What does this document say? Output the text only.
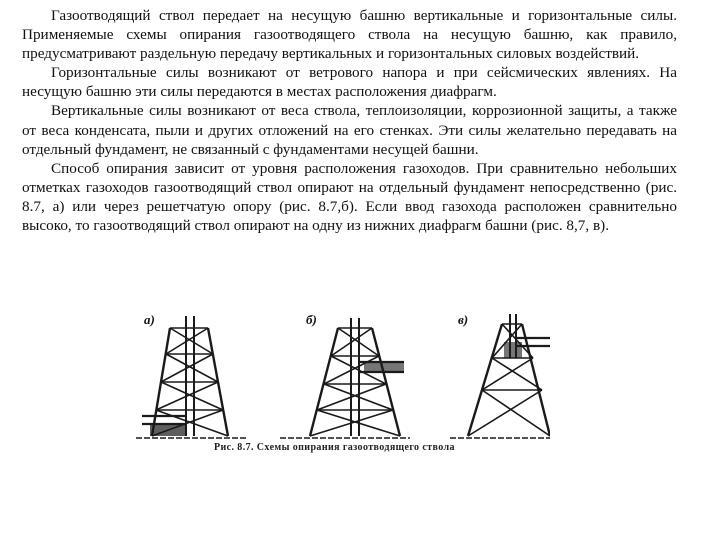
Газоотводящий ствол передает на несущую башню вертикальные и горизонтальные силы. Применяемые схемы опирания газоотводящего ствола на несущую башню, как правило, предусматривают раздельную передачу вертикальных и горизонтальных силовых воздействий.

Горизонтальные силы возникают от ветрового напора и при сейсмических явлениях. На несущую башню эти силы передаются в местах расположения диафрагм.

Вертикальные силы возникают от веса ствола, теплоизоляции, коррозионной защиты, а также от веса конденсата, пыли и других отложений на его стенках. Эти силы желательно передавать на отдельный фундамент, не связанный с фундаментами несущей башни.

Способ опирания зависит от уровня расположения газоходов. При сравнительно небольших отметках газоходов газоотводящий ствол опирают на отдельный фундамент непосредственно (рис. 8.7, а) или через решетчатую опору (рис. 8.7,б). Если ввод газохода расположен сравнительно высоко, то газоотводящий ствол опирают на одну из нижних диафрагм башни (рис. 8,7, в).

а)	б)	в)
Рис. 8.7. Схемы опирания газоотводящего ствола
